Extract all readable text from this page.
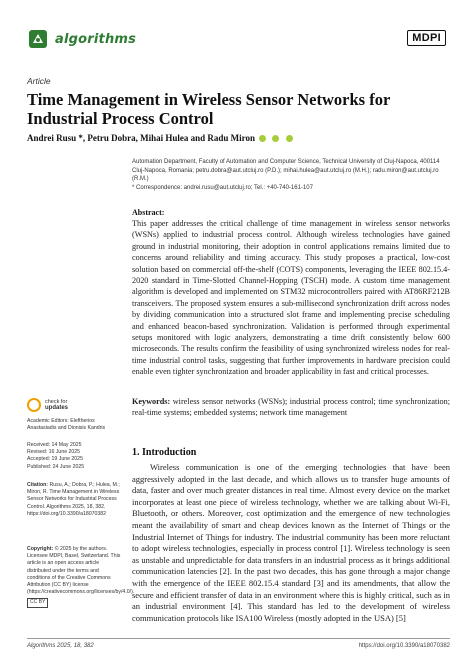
algorithms	MDPI
Article
Time Management in Wireless Sensor Networks for Industrial Process Control
Andrei Rusu *, Petru Dobra, Mihai Hulea and Radu Miron
Automation Department, Faculty of Automation and Computer Science, Technical University of Cluj-Napoca, 400114 Cluj-Napoca, Romania; petru.dobra@aut.utcluj.ro (P.D.); mihai.hulea@aut.utcluj.ro (M.H.); radu.miron@aut.utcluj.ro (R.M.)
* Correspondence: andrei.rusu@aut.utcluj.ro; Tel.: +40-740-161-107
Abstract:
This paper addresses the critical challenge of time management in wireless sensor networks (WSNs) applied to industrial process control. Although wireless technologies have gained ground in industrial monitoring, their adoption in control applications remains limited due to concerns around reliability and timing accuracy. This study proposes a practical, low-cost solution based on commercial off-the-shelf (COTS) components, leveraging the IEEE 802.15.4-2020 standard in Time-Slotted Channel-Hopping (TSCH) mode. A custom time management algorithm is developed and implemented on STM32 microcontrollers paired with AT86RF212B transceivers. The proposed system ensures a sub-millisecond synchronization drift across nodes by dividing communication into a structured slot frame and implementing precise scheduling and enhanced beacon-based synchronization. Validation is performed through experimental setups monitored with logic analyzers, demonstrating a time drift consistently below 600 microseconds. The results confirm the feasibility of using synchronized wireless nodes for real-time industrial control tasks, suggesting that further improvements in hardware precision could enable even tighter synchronization and broader applicability in fast and critical processes.
Keywords: wireless sensor networks (WSNs); industrial process control; time synchronization; real-time systems; embedded systems; network time management
check for
updates
Academic Editors: Eleftherios Anastasiadis and Dionisis Kandris
Received: 14 May 2025
Revised: 16 June 2025
Accepted: 19 June 2025
Published: 24 June 2025
Citation: Rusu, A.; Dobra, P.; Hulea, M.; Miron, R. Time Management in Wireless Sensor Networks for Industrial Process Control. Algorithms 2025, 18, 382. https://doi.org/10.3390/a18070382
Copyright: © 2025 by the authors. Licensee MDPI, Basel, Switzerland. This article is an open access article distributed under the terms and conditions of the Creative Commons Attribution (CC BY) license (https://creativecommons.org/licenses/by/4.0/).
CC BY
1. Introduction
Wireless communication is one of the emerging technologies that have been aggressively adopted in the last decade, and which allows us to transfer huge amounts of data, faster and over much greater distances in real time. Almost every device on the market incorporates at least one piece of wireless technology, whether we are talking about Wi-Fi, Bluetooth, or others. Moreover, cost optimization and the emergence of new technologies meant the availability of smart and cheap devices known as the Internet of Things or the Industrial Internet of Things for industry. The industrial community has been more reluctant to adopt wireless technologies, especially in process control [1]. Wireless technology is seen as unstable and unpredictable for data transfers in an industrial process as it brings additional communication latencies [2]. In the past two decades, this has gone through a major change with the emergence of the IEEE 802.15.4 standard [3] and its amendments, that allow the secure and efficient transfer of data in an environment where this is highly critical, such as in an industrial environment [4]. This standard has led to the development of wireless communication protocols like ISA100 Wireless (mostly adopted in the USA) [5]
Algorithms 2025, 18, 382	https://doi.org/10.3390/a18070382
